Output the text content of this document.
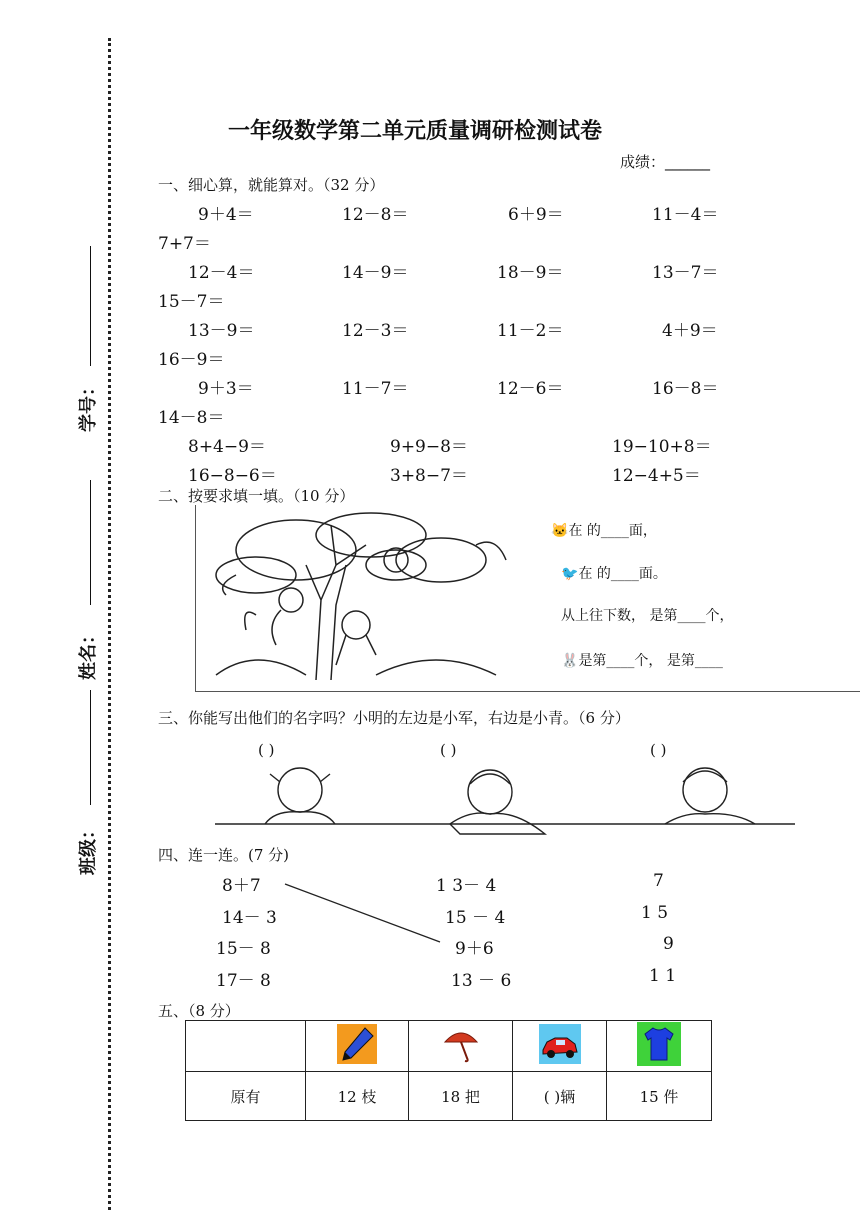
学号：
姓名：
班级：
一年级数学第二单元质量调研检测试卷
成绩：______
一、细心算，就能算对。（32 分）
9＋4＝	12－8＝	6＋9＝	11－4＝
7+7＝
12－4＝	14－9＝	18－9＝	13－7＝
15－7＝
13－9＝	12－3＝	11－2＝	4＋9＝
16－9＝
9＋3＝	11－7＝	12－6＝	16－8＝
14－8＝
8+4−9＝	9+9−8＝	19−10+8＝
16−8−6＝	3+8−7＝	12−4+5＝
二、按要求填一填。（10 分）
🐱在 的____面，
🐦在 的____面。
从上往下数， 是第____个，
🐰是第____个， 是第____
三、你能写出他们的名字吗？小明的左边是小军，右边是小青。（6 分）
( )	( )	( )
四、连一连。(7 分)
8＋7
14－ 3
15－ 8
17－ 8
1 3－ 4
15 － 4
9＋6
13 － 6
7
1 5
9
1 1
五、（8 分）

原有	12 枝	18 把	( )辆	15 件
